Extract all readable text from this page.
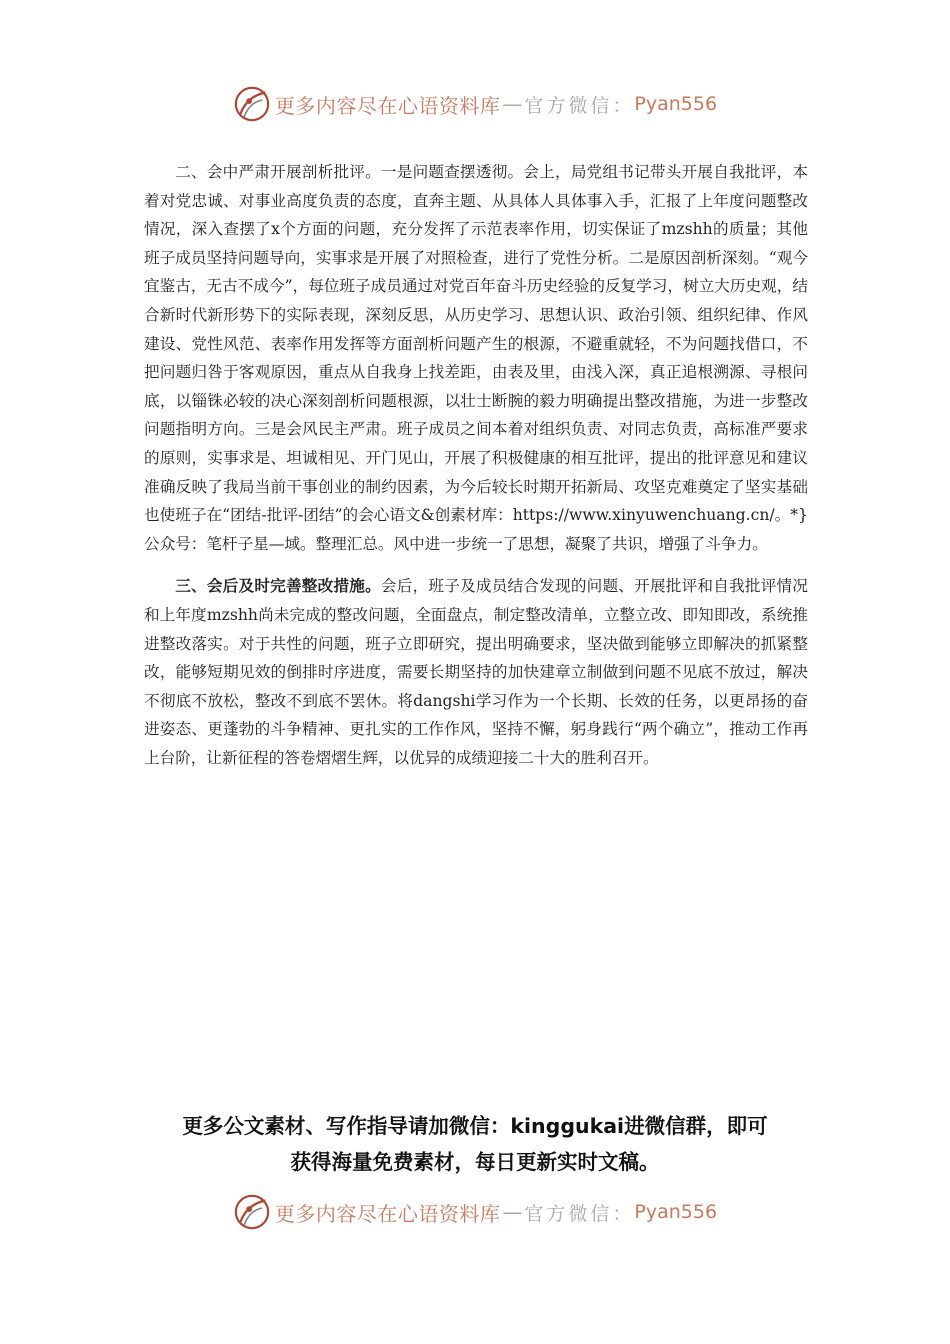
更多内容尽在心语资料库 — 官方微信： Pyan556

二、会中严肃开展剖析批评。一是问题查摆透彻。会上，局党组书记带头开展自我批评，本着对党忠诚、对事业高度负责的态度，直奔主题、从具体人具体事入手，汇报了上年度问题整改情况，深入查摆了x个方面的问题，充分发挥了示范表率作用，切实保证了mzshh的质量；其他班子成员坚持问题导向，实事求是开展了对照检查，进行了党性分析。二是原因剖析深刻。“观今宜鉴古，无古不成今”，每位班子成员通过对党百年奋斗历史经验的反复学习，树立大历史观，结合新时代新形势下的实际表现，深刻反思，从历史学习、思想认识、政治引领、组织纪律、作风建设、党性风范、表率作用发挥等方面剖析问题产生的根源，不避重就轻，不为问题找借口，不把问题归咎于客观原因，重点从自我身上找差距，由表及里，由浅入深，真正追根溯源、寻根问底，以锱铢必较的决心深刻剖析问题根源，以壮士断腕的毅力明确提出整改措施，为进一步整改问题指明方向。三是会风民主严肃。班子成员之间本着对组织负责、对同志负责，高标准严要求的原则，实事求是、坦诚相见、开门见山，开展了积极健康的相互批评，提出的批评意见和建议准确反映了我局当前干事创业的制约因素，为今后较长时期开拓新局、攻坚克难奠定了坚实基础也使班子在“团结-批评-团结”的会心语文&创素材库：https://www.xinyuwenchuang.cn/。*}公众号：笔杆子星—域。整理汇总。风中进一步统一了思想，凝聚了共识，增强了斗争力。

三、会后及时完善整改措施。会后，班子及成员结合发现的问题、开展批评和自我批评情况和上年度mzshh尚未完成的整改问题，全面盘点，制定整改清单，立整立改、即知即改，系统推进整改落实。对于共性的问题，班子立即研究，提出明确要求，坚决做到能够立即解决的抓紧整改，能够短期见效的倒排时序进度，需要长期坚持的加快建章立制做到问题不见底不放过，解决不彻底不放松，整改不到底不罢休。将dangshi学习作为一个长期、长效的任务，以更昂扬的奋进姿态、更蓬勃的斗争精神、更扎实的工作作风，坚持不懈，躬身践行“两个确立”，推动工作再上台阶，让新征程的答卷熠熠生辉，以优异的成绩迎接二十大的胜利召开。

更多公文素材、写作指导请加微信：kinggukai进微信群，即可
获得海量免费素材，每日更新实时文稿。
更多内容尽在心语资料库 — 官方微信： Pyan556
